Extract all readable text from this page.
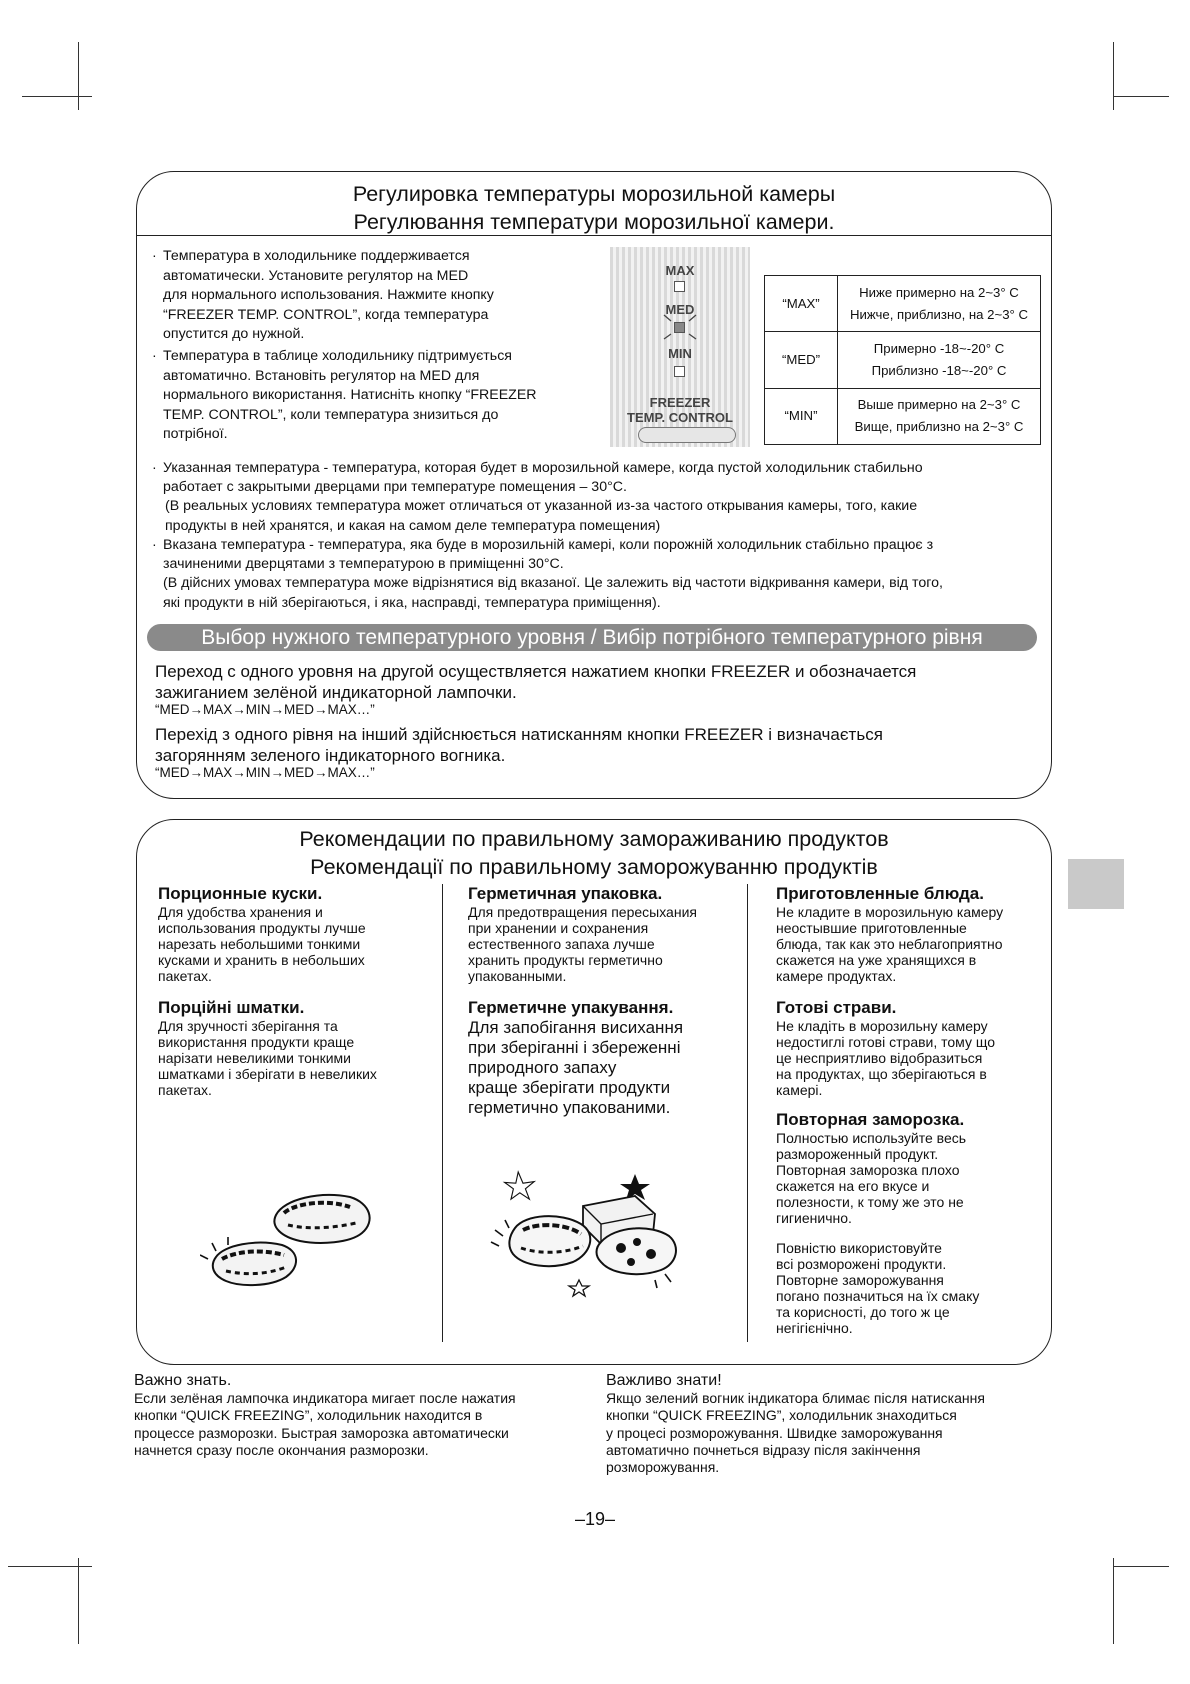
Регулировка температуры морозильной камеры
Регулювання температури морозильної камери.
· Температура в холодильнике поддерживается
автоматически. Установите регулятор на MED
для нормального использования. Нажмите кнопку
“FREEZER TEMP. CONTROL”, когда температура
опустится до нужной.
· Температура в таблице холодильнику підтримується
автоматично. Встановіть регулятор на MED для
нормального використання. Натисніть кнопку “FREEZER
TEMP. CONTROL”, коли температура знизиться до
потрібної.
MAX
MED
MIN
FREEZER
TEMP. CONTROL
“MAX”	Ниже примерно на 2~3° C
Нижче, приблизно, на 2~3° C

“MED”	Примерно -18~-20° C
Приблизно -18~-20° C

“MIN”	Выше примерно на 2~3° C
Вище, приблизно на 2~3° C
· Указанная температура - температура, которая будет в морозильной камере, когда пустой холодильник стабильно
работает с закрытыми дверцами при температуре помещения – 30°C.
(В реальных условиях температура может отличаться от указанной из-за частого открывания камеры, того, какие
продукты в ней хранятся, и какая на самом деле температура помещения)
· Вказана температура - температура, яка буде в морозильній камері, коли порожній холодильник стабільно працює з
зачиненими дверцятами з температурою в приміщенні 30°C.
(В дійсних умовах температура може відрізнятися від вказаної. Це залежить від частоти відкривання камери, від того,
які продукти в ній зберігаються, і яка, насправді, температура приміщення).
Выбор нужного температурного уровня / Вибір потрібного температурного рівня
Переход с одного уровня на другой осуществляется нажатием кнопки FREEZER и обозначается
зажиганием зелёной индикаторной лампочки.
“MED→MAX→MIN→MED→MAX…”
Перехід з одного рівня на інший здійснюється натисканням кнопки FREEZER і визначається
загорянням зеленого індикаторного вогника.
“MED→MAX→MIN→MED→MAX…”
Рекомендации по правильному замораживанию продуктов
Рекомендації по правильному заморожуванню продуктів
Порционные куски.
Для удобства хранения и
использования продукты лучше
нарезать небольшими тонкими
кусками и хранить в небольших
пакетах.
Порційні шматки.
Для зручності зберігання та
використання продукти краще
нарізати невеликими тонкими
шматками і зберігати в невеликих
пакетах.
Герметичная упаковка.
Для предотвращения пересыхания
при хранении и сохранения
естественного запаха лучше
хранить продукты герметично
упакованными.
Герметичне упакування.
Для запобігання висихання
при зберіганні і збереженні
природного запаху
краще зберігати продукти
герметично упакованими.
Приготовленные блюда.
Не кладите в морозильную камеру
неостывшие приготовленные
блюда, так как это неблагоприятно
скажется на уже хранящихся в
камере продуктах.
Готові страви.
Не кладіть в морозильну камеру
недостиглі готові страви, тому що
це несприятливо відобразиться
на продуктах, що зберігаються в
камері.
Повторная заморозка.
Полностью используйте весь
размороженный продукт.
Повторная заморозка плохо
скажется на его вкусе и
полезности, к тому же это не
гигиенично.
Повністю використовуйте
всі розморожені продукти.
Повторне заморожування
погано позначиться на їх смаку
та корисності, до того ж це
негігієнічно.
Важно знать.
Если зелёная лампочка индикатора мигает после нажатия
кнопки “QUICK FREEZING”, холодильник находится в
процессе разморозки. Быстрая заморозка автоматически
начнется сразу после окончания разморозки.
Важливо знати!
Якщо зелений вогник індикатора блимає після натискання
кнопки “QUICK FREEZING”, холодильник знаходиться
у процесі розморожування. Швидке заморожування
автоматично почнеться відразу після закінчення
розморожування.
–19–
